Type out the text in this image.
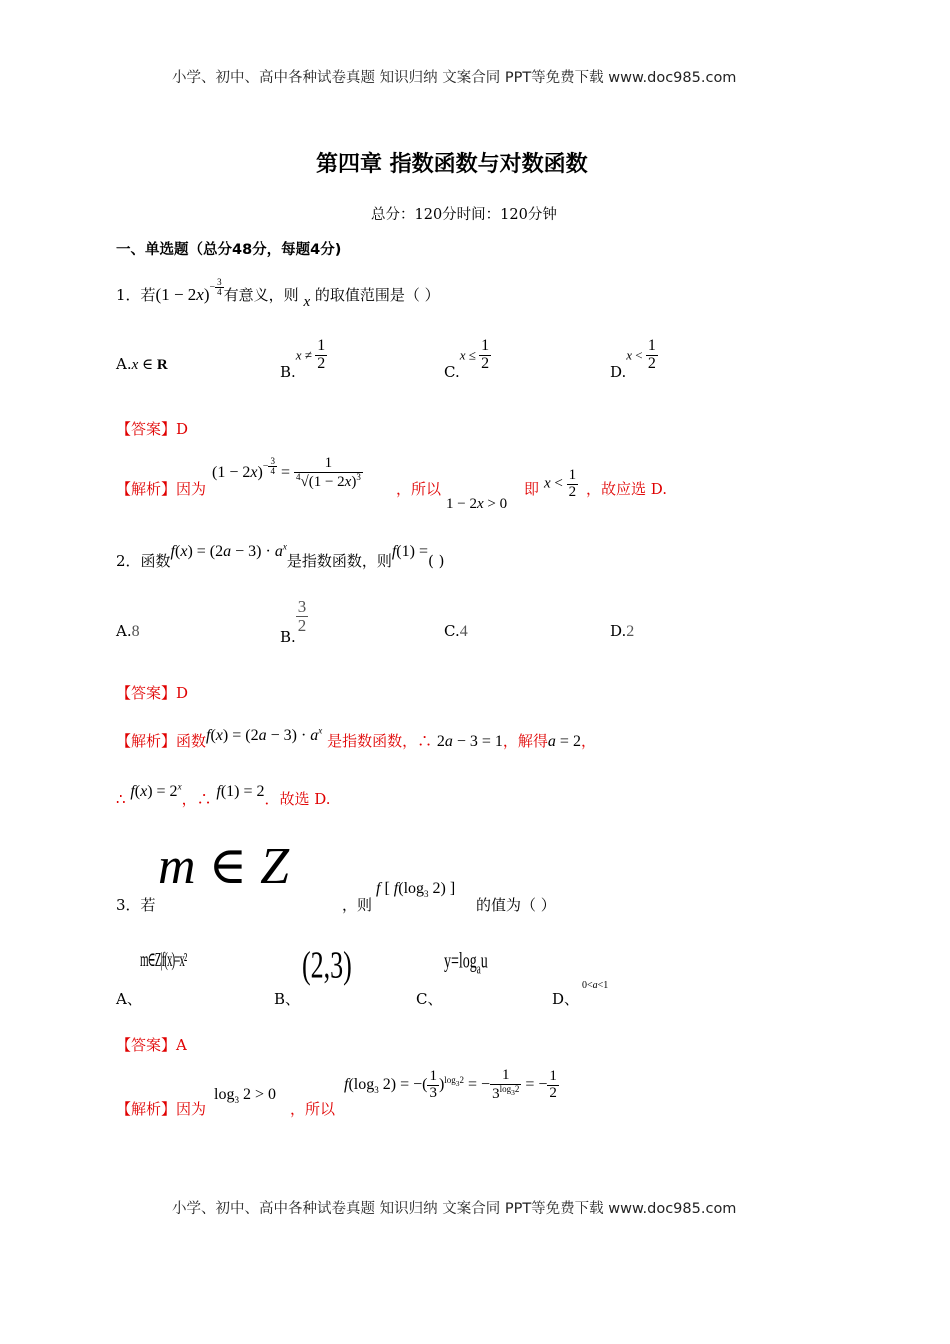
小学、初中、高中各种试卷真题 知识归纳 文案合同 PPT等免费下载 www.doc985.com
小学、初中、高中各种试卷真题 知识归纳 文案合同 PPT等免费下载 www.doc985.com
第四章 指数函数与对数函数
总分：120分时间：120分钟
一、单选题（总分48分，每题4分)
1．若$(1 - 2x)^{- \frac{3}{4}}$ 有意义，则 x 的取值范围是（ ）
A.x ∈ R	$B.x \ne \frac{1}{2}$	$C.x \le \frac{1}{2}$	$D.x < \frac{1}{2}$
【答案】D
【解析】因为
$(1 - 2x)^{- \frac{3}{4}} = \frac{1}{^4√(1 - 2x)^3}$ ，所以
1 − 2x > 0
即 $x < \frac{1}{2}$ ，故应选 D.
2．函数$f(x) = (2a - 3) \cdot a^x$是指数函数，则f(1) =( )
A.8	B.
$\frac{3}{2}$	C.4	D.2
【答案】D
【解析】函数$f(x) = (2a - 3) \cdot a^x$ 是指数函数，∴ 2a − 3 = 1，解得a = 2，
∴ $f(x) = 2^x$，∴ f(1) = 2．故选 D.
m ∈ Z
3．若	，则
f [ $f(\log_3$ 2) ]
的值为（ ）
A、
m∈Z|f(x)=x²
B、
(2,3)
C、
$y=\log_au$
D、
0<a<1
【答案】A
【解析】因为
$\log_3 2 > 0$
，所以
$f(\log_3$ 2) = −( $\frac{1}{3} )^{log_32}$ = − $\frac{1}{3^{log_32}}$ = − $\frac{1}{2}$
